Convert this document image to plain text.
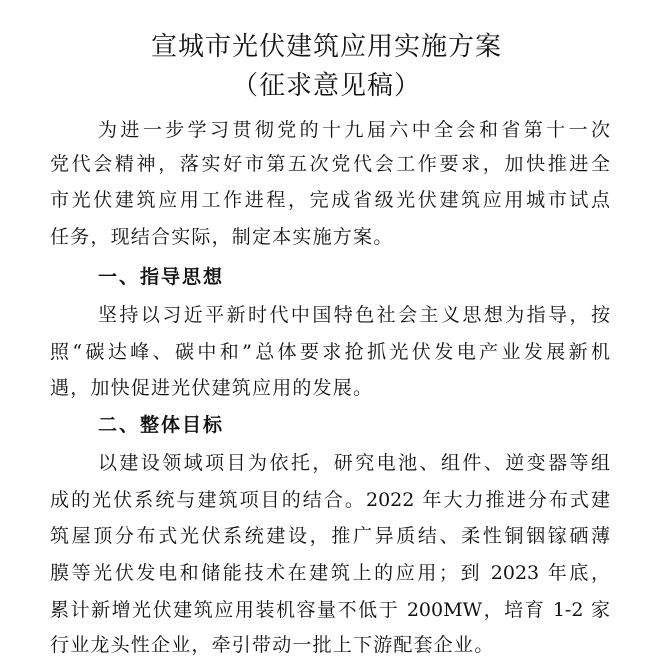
宣城市光伏建筑应用实施方案
（征求意见稿）
为进一步学习贯彻党的十九届六中全会和省第十一次
党代会精神，落实好市第五次党代会工作要求，加快推进全
市光伏建筑应用工作进程，完成省级光伏建筑应用城市试点
任务，现结合实际，制定本实施方案。
一、指导思想
坚持以习近平新时代中国特色社会主义思想为指导，按
照“碳达峰、碳中和”总体要求抢抓光伏发电产业发展新机
遇，加快促进光伏建筑应用的发展。
二、整体目标
以建设领域项目为依托，研究电池、组件、逆变器等组
成的光伏系统与建筑项目的结合。2022 年大力推进分布式建
筑屋顶分布式光伏系统建设，推广异质结、柔性铜铟镓硒薄
膜等光伏发电和储能技术在建筑上的应用；到 2023 年底，
累计新增光伏建筑应用装机容量不低于 200MW，培育 1-2 家
行业龙头性企业，牵引带动一批上下游配套企业。
